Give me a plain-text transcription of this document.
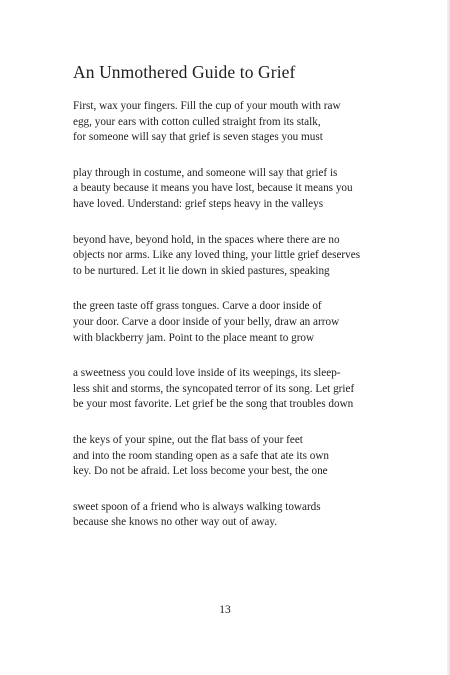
An Unmothered Guide to Grief
First, wax your fingers. Fill the cup of your mouth with raw
egg, your ears with cotton culled straight from its stalk,
for someone will say that grief is seven stages you must
play through in costume, and someone will say that grief is
a beauty because it means you have lost, because it means you
have loved. Understand: grief steps heavy in the valleys
beyond have, beyond hold, in the spaces where there are no
objects nor arms. Like any loved thing, your little grief deserves
to be nurtured. Let it lie down in skied pastures, speaking
the green taste off grass tongues. Carve a door inside of
your door. Carve a door inside of your belly, draw an arrow
with blackberry jam. Point to the place meant to grow
a sweetness you could love inside of its weepings, its sleep-
less shit and storms, the syncopated terror of its song. Let grief
be your most favorite. Let grief be the song that troubles down
the keys of your spine, out the flat bass of your feet
and into the room standing open as a safe that ate its own
key. Do not be afraid. Let loss become your best, the one
sweet spoon of a friend who is always walking towards
because she knows no other way out of away.
13
